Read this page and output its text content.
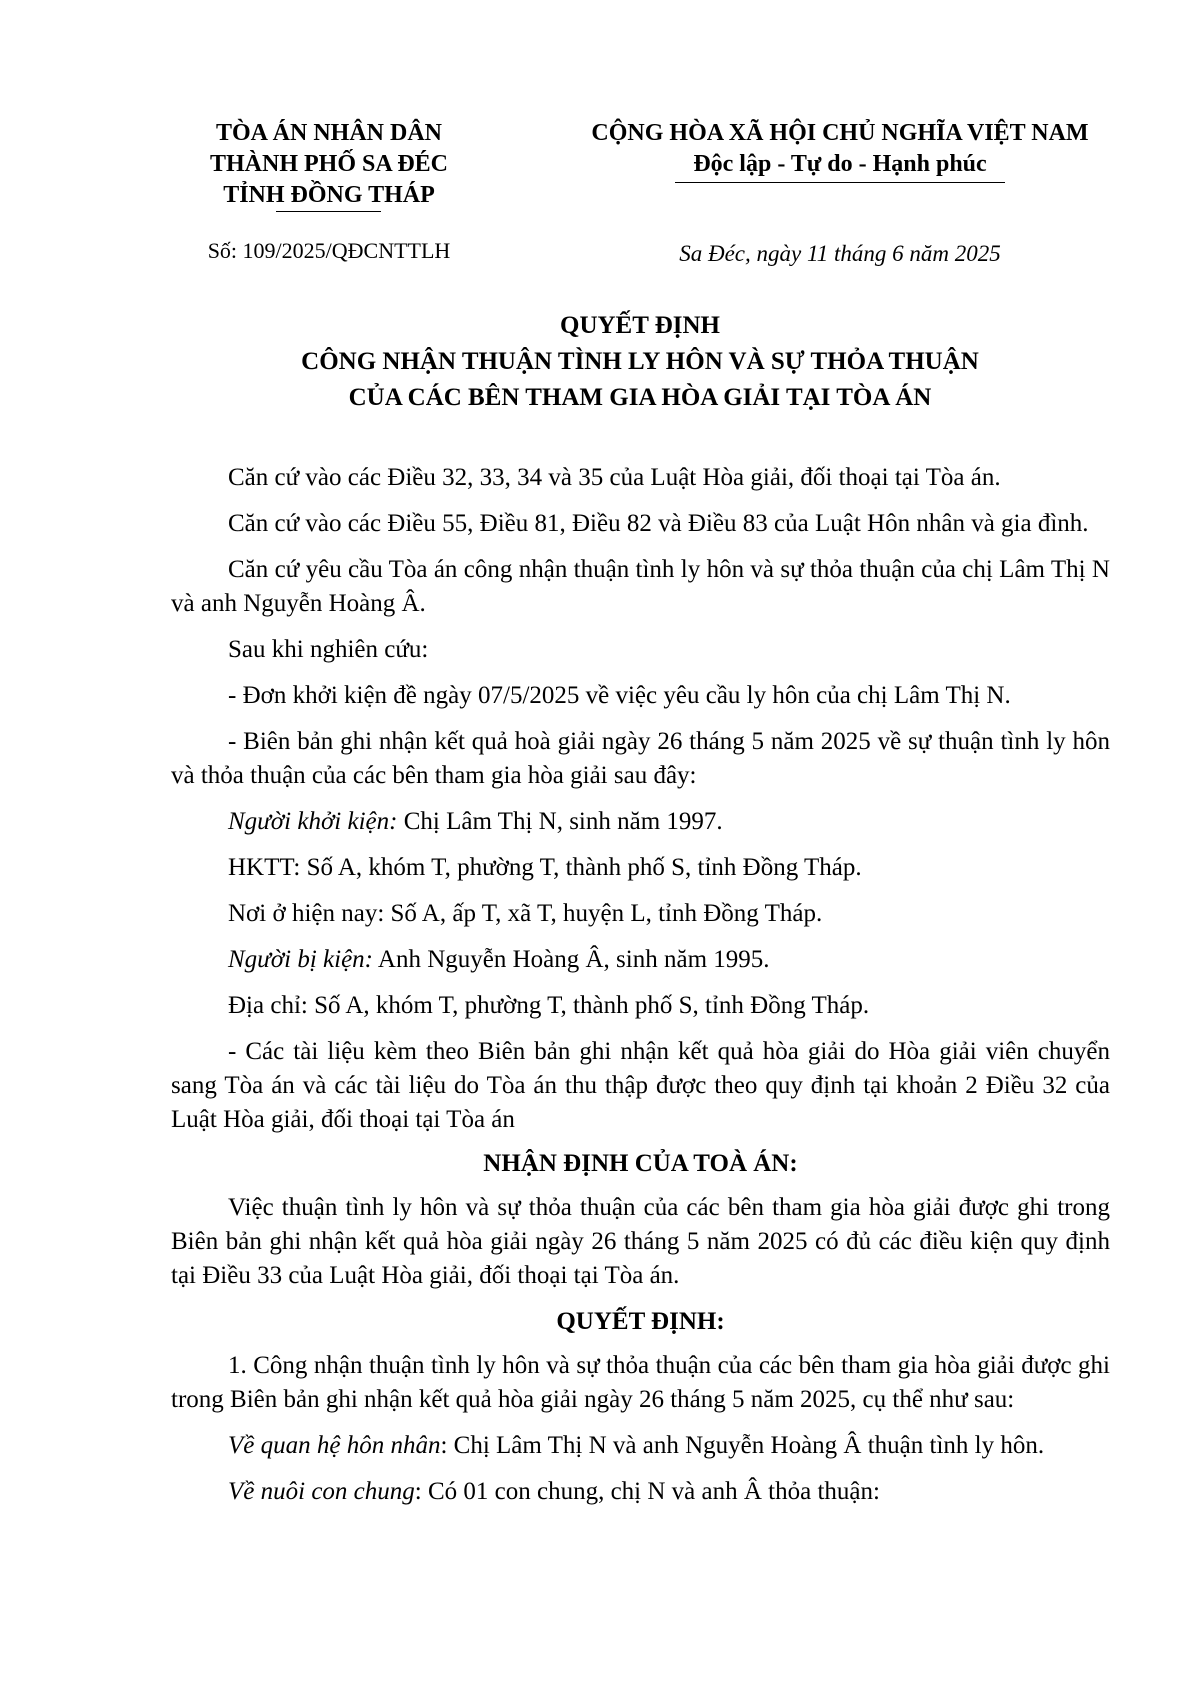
TÒA ÁN NHÂN DÂN
THÀNH PHỐ SA ĐÉC
TỈNH ĐỒNG THÁP
CỘNG HÒA XÃ HỘI CHỦ NGHĨA VIỆT NAM
Độc lập - Tự do - Hạnh phúc
Số: 109/2025/QĐCNTTLH	Sa Đéc, ngày 11 tháng 6 năm 2025
QUYẾT ĐỊNH
CÔNG NHẬN THUẬN TÌNH LY HÔN VÀ SỰ THỎA THUẬN
CỦA CÁC BÊN THAM GIA HÒA GIẢI TẠI TÒA ÁN

Căn cứ vào các Điều 32, 33, 34 và 35 của Luật Hòa giải, đối thoại tại Tòa án.

Căn cứ vào các Điều 55, Điều 81, Điều 82 và Điều 83 của Luật Hôn nhân và gia đình.

Căn cứ yêu cầu Tòa án công nhận thuận tình ly hôn và sự thỏa thuận của chị Lâm Thị N và anh Nguyễn Hoàng Â.

Sau khi nghiên cứu:

- Đơn khởi kiện đề ngày 07/5/2025 về việc yêu cầu ly hôn của chị Lâm Thị N.

- Biên bản ghi nhận kết quả hoà giải ngày 26 tháng 5 năm 2025 về sự thuận tình ly hôn và thỏa thuận của các bên tham gia hòa giải sau đây:

Người khởi kiện: Chị Lâm Thị N, sinh năm 1997.

HKTT: Số A, khóm T, phường T, thành phố S, tỉnh Đồng Tháp.

Nơi ở hiện nay: Số A, ấp T, xã T, huyện L, tỉnh Đồng Tháp.

Người bị kiện: Anh Nguyễn Hoàng Â, sinh năm 1995.

Địa chỉ: Số A, khóm T, phường T, thành phố S, tỉnh Đồng Tháp.

- Các tài liệu kèm theo Biên bản ghi nhận kết quả hòa giải do Hòa giải viên chuyển sang Tòa án và các tài liệu do Tòa án thu thập được theo quy định tại khoản 2 Điều 32 của Luật Hòa giải, đối thoại tại Tòa án

NHẬN ĐỊNH CỦA TOÀ ÁN:

Việc thuận tình ly hôn và sự thỏa thuận của các bên tham gia hòa giải được ghi trong Biên bản ghi nhận kết quả hòa giải ngày 26 tháng 5 năm 2025 có đủ các điều kiện quy định tại Điều 33 của Luật Hòa giải, đối thoại tại Tòa án.

QUYẾT ĐỊNH:

1. Công nhận thuận tình ly hôn và sự thỏa thuận của các bên tham gia hòa giải được ghi trong Biên bản ghi nhận kết quả hòa giải ngày 26 tháng 5 năm 2025, cụ thể như sau:

Về quan hệ hôn nhân: Chị Lâm Thị N và anh Nguyễn Hoàng Â thuận tình ly hôn.

Về nuôi con chung: Có 01 con chung, chị N và anh Â thỏa thuận:
